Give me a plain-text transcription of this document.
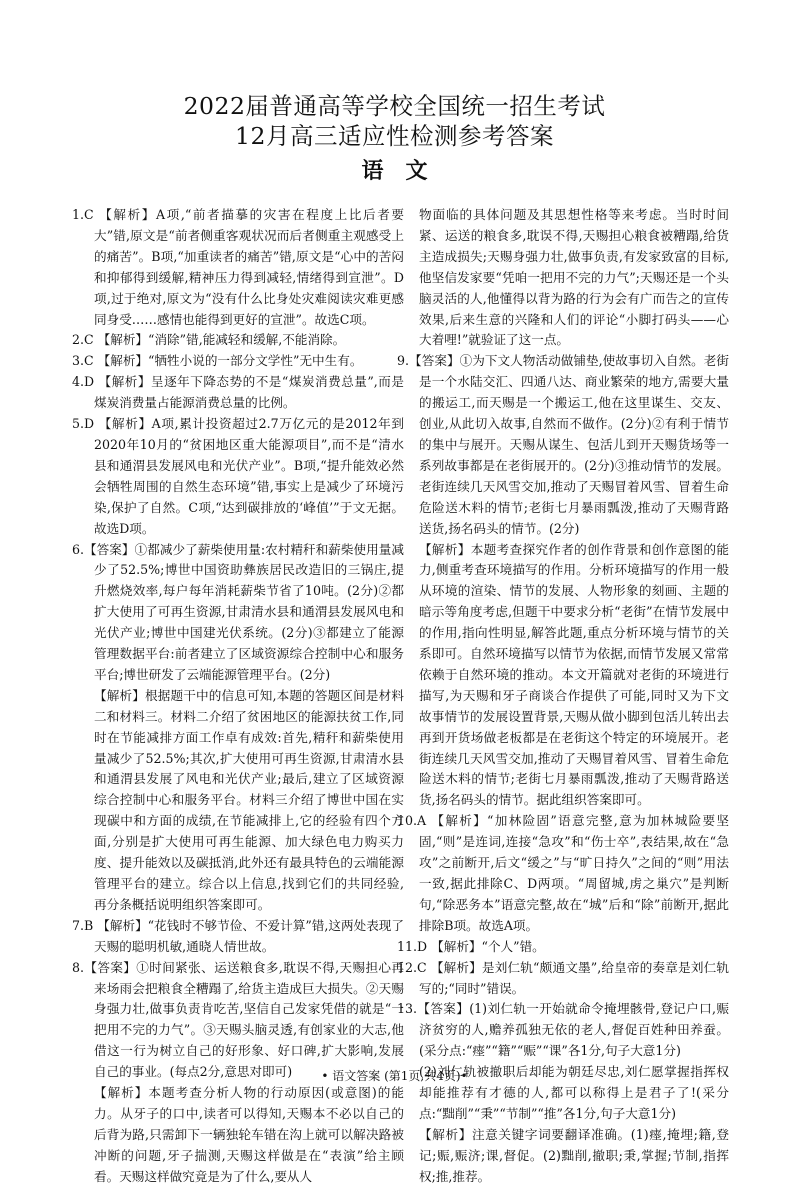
2022届普通高等学校全国统一招生考试
12月高三适应性检测参考答案
语文

1.C 【解析】A项,“前者描摹的灾害在程度上比后者要大”错,原文是“前者侧重客观状况而后者侧重主观感受上的痛苦”。B项,“加重读者的痛苦”错,原文是“心中的苦闷和抑郁得到缓解,精神压力得到减轻,情绪得到宣泄”。D项,过于绝对,原文为“没有什么比身处灾难阅读灾难更感同身受……感情也能得到更好的宣泄”。故选C项。

2.C 【解析】“消除”错,能减轻和缓解,不能消除。

3.C 【解析】“牺牲小说的一部分文学性”无中生有。

4.D 【解析】呈逐年下降态势的不是“煤炭消费总量”,而是煤炭消费量占能源消费总量的比例。

5.D 【解析】A项,累计投资超过2.7万亿元的是2012年到2020年10月的“贫困地区重大能源项目”,而不是“清水县和通渭县发展风电和光伏产业”。B项,“提升能效必然会牺牲周围的自然生态环境”错,事实上是减少了环境污染,保护了自然。C项,“达到碳排放的‘峰值’”于文无据。故选D项。

6.【答案】①都减少了薪柴使用量:农村精秆和薪柴使用量减少了52.5%;博世中国资助彝族居民改造旧的三锅庄,提升燃烧效率,每户每年消耗薪柴节省了10吨。(2分)②都扩大使用了可再生资源,甘肃清水县和通渭县发展风电和光伏产业;博世中国建光伏系统。(2分)③都建立了能源管理数据平台:前者建立了区域资源综合控制中心和服务平台;博世研发了云端能源管理平台。(2分)

【解析】根据题干中的信息可知,本题的答题区间是材料二和材料三。材料二介绍了贫困地区的能源扶贫工作,同时在节能减排方面工作卓有成效:首先,精秆和薪柴使用量减少了52.5%;其次,扩大使用可再生资源,甘肃清水县和通渭县发展了风电和光伏产业;最后,建立了区域资源综合控制中心和服务平台。材料三介绍了博世中国在实现碳中和方面的成绩,在节能减排上,它的经验有四个方面,分别是扩大使用可再生能源、加大绿色电力购买力度、提升能效以及碳抵消,此外还有最具特色的云端能源管理平台的建立。综合以上信息,找到它们的共同经验,再分条概括说明组织答案即可。

7.B 【解析】“花钱时不够节俭、不爱计算”错,这两处表现了天赐的聪明机敏,通晓人情世故。

8.【答案】①时间紧张、运送粮食多,耽误不得,天赐担心再来场雨会把粮食全糟蹋了,给货主造成巨大损失。②天赐身强力壮,做事负责肯吃苦,坚信自己发家凭借的就是“一把用不完的力气”。③天赐头脑灵透,有创家业的大志,他借这一行为树立自己的好形象、好口碑,扩大影响,发展自己的事业。(每点2分,意思对即可)

【解析】本题考查分析人物的行动原因(或意图)的能力。从牙子的口中,读者可以得知,天赐本不必以自己的后背为路,只需卸下一辆独轮车错在沟上就可以解决路被冲断的问题,牙子揣测,天赐这样做是在“表演”给主顾看。天赐这样做究竟是为了什么,要从人

物面临的具体问题及其思想性格等来考虑。当时时间紧、运送的粮食多,耽误不得,天赐担心粮食被糟蹋,给货主造成损失;天赐身强力壮,做事负责,有发家致富的目标,他坚信发家要“凭咱一把用不完的力气”;天赐还是一个头脑灵活的人,他懂得以背为路的行为会有广而告之的宣传效果,后来生意的兴隆和人们的评论“小脚打码头——心大着哩!”就验证了这一点。

9.【答案】①为下文人物活动做铺垫,使故事切入自然。老街是一个水陆交汇、四通八达、商业繁荣的地方,需要大量的搬运工,而天赐是一个搬运工,他在这里谋生、交友、创业,从此切入故事,自然而不做作。(2分)②有利于情节的集中与展开。天赐从谋生、包活儿到开天赐货场等一系列故事都是在老街展开的。(2分)③推动情节的发展。老街连续几天风雪交加,推动了天赐冒着风雪、冒着生命危险送木料的情节;老街七月暴雨瓢泼,推动了天赐背路送货,扬名码头的情节。(2分)

【解析】本题考查探究作者的创作背景和创作意图的能力,侧重考查环境描写的作用。分析环境描写的作用一般从环境的渲染、情节的发展、人物形象的刻画、主题的暗示等角度考虑,但题干中要求分析“老街”在情节发展中的作用,指向性明显,解答此题,重点分析环境与情节的关系即可。自然环境描写以情节为依据,而情节发展又常常依赖于自然环境的推动。本文开篇就对老街的环境进行描写,为天赐和牙子商谈合作提供了可能,同时又为下文故事情节的发展设置背景,天赐从做小脚到包活儿转出去再到开货场做老板都是在老街这个特定的环境展开。老街连续几天风雪交加,推动了天赐冒着风雪、冒着生命危险送木料的情节;老街七月暴雨瓢泼,推动了天赐背路送货,扬名码头的情节。据此组织答案即可。

10.A 【解析】“加林险固”语意完整,意为加林城险要坚固,“则”是连词,连接“急攻”和“伤士卒”,表结果,故在“急攻”之前断开,后文“缓之”与“旷日持久”之间的“则”用法一致,据此排除C、D两项。“周留城,虏之巢穴”是判断句,“除恶务本”语意完整,故在“城”后和“除”前断开,据此排除B项。故选A项。

11.D 【解析】“个人”错。

12.C 【解析】是刘仁轨“颇通文墨”,给皇帝的奏章是刘仁轨写的;“同时”错误。

13.【答案】(1)刘仁轨一开始就命令掩埋骸骨,登记户口,赈济贫穷的人,赡养孤独无依的老人,督促百姓种田养蚕。(采分点:“瘗”“籍”“赈”“课”各1分,句子大意1分)

(2)刘仁轨被撤职后却能为朝廷尽忠,刘仁愿掌握指挥权却能推荐有才德的人,都可以称得上是君子了!(采分点:“黜削”“秉”“节制”“推”各1分,句子大意1分)

【解析】注意关键字词要翻译准确。(1)瘗,掩埋;籍,登记;赈,赈济;课,督促。(2)黜削,撤职;秉,掌握;节制,指挥权;推,推荐。

• 语文答案 (第1页,共4页)•
